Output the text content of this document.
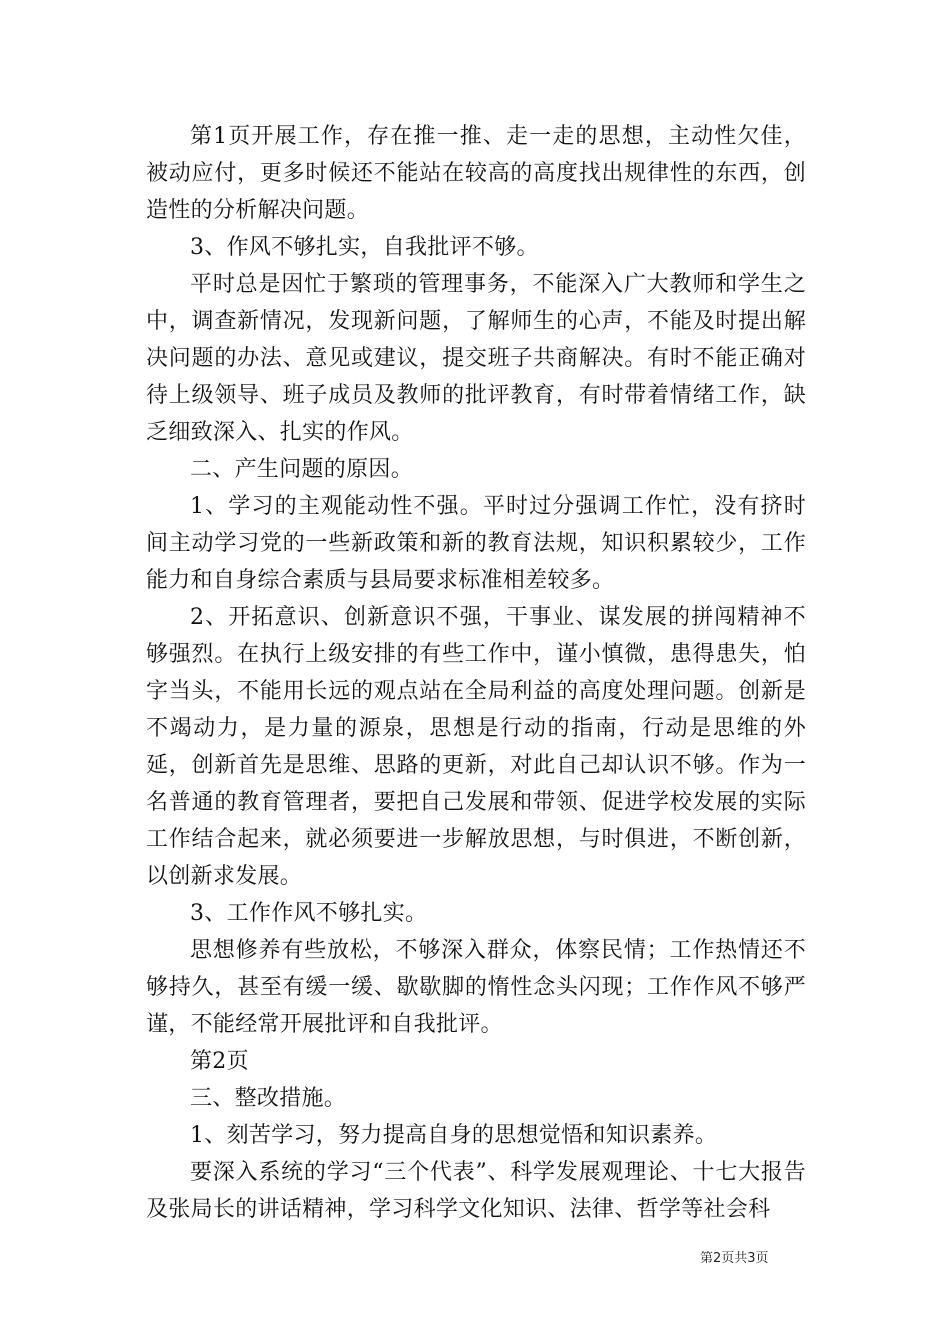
第1页开展工作，存在推一推、走一走的思想，主动性欠佳，被动应付，更多时候还不能站在较高的高度找出规律性的东西，创造性的分析解决问题。

3、作风不够扎实，自我批评不够。

平时总是因忙于繁琐的管理事务，不能深入广大教师和学生之中，调查新情况，发现新问题，了解师生的心声，不能及时提出解决问题的办法、意见或建议，提交班子共商解决。有时不能正确对待上级领导、班子成员及教师的批评教育，有时带着情绪工作，缺乏细致深入、扎实的作风。

二、产生问题的原因。

1、学习的主观能动性不强。平时过分强调工作忙，没有挤时间主动学习党的一些新政策和新的教育法规，知识积累较少，工作能力和自身综合素质与县局要求标准相差较多。

2、开拓意识、创新意识不强，干事业、谋发展的拼闯精神不够强烈。在执行上级安排的有些工作中，谨小慎微，患得患失，怕字当头，不能用长远的观点站在全局利益的高度处理问题。创新是不竭动力，是力量的源泉，思想是行动的指南，行动是思维的外延，创新首先是思维、思路的更新，对此自己却认识不够。作为一名普通的教育管理者，要把自己发展和带领、促进学校发展的实际工作结合起来，就必须要进一步解放思想，与时俱进，不断创新，以创新求发展。

3、工作作风不够扎实。

思想修养有些放松，不够深入群众，体察民情；工作热情还不够持久，甚至有缓一缓、歇歇脚的惰性念头闪现；工作作风不够严谨，不能经常开展批评和自我批评。

第2页

三、整改措施。

1、刻苦学习，努力提高自身的思想觉悟和知识素养。

要深入系统的学习“三个代表”、科学发展观理论、十七大报告及张局长的讲话精神，学习科学文化知识、法律、哲学等社会科

第2页共3页
